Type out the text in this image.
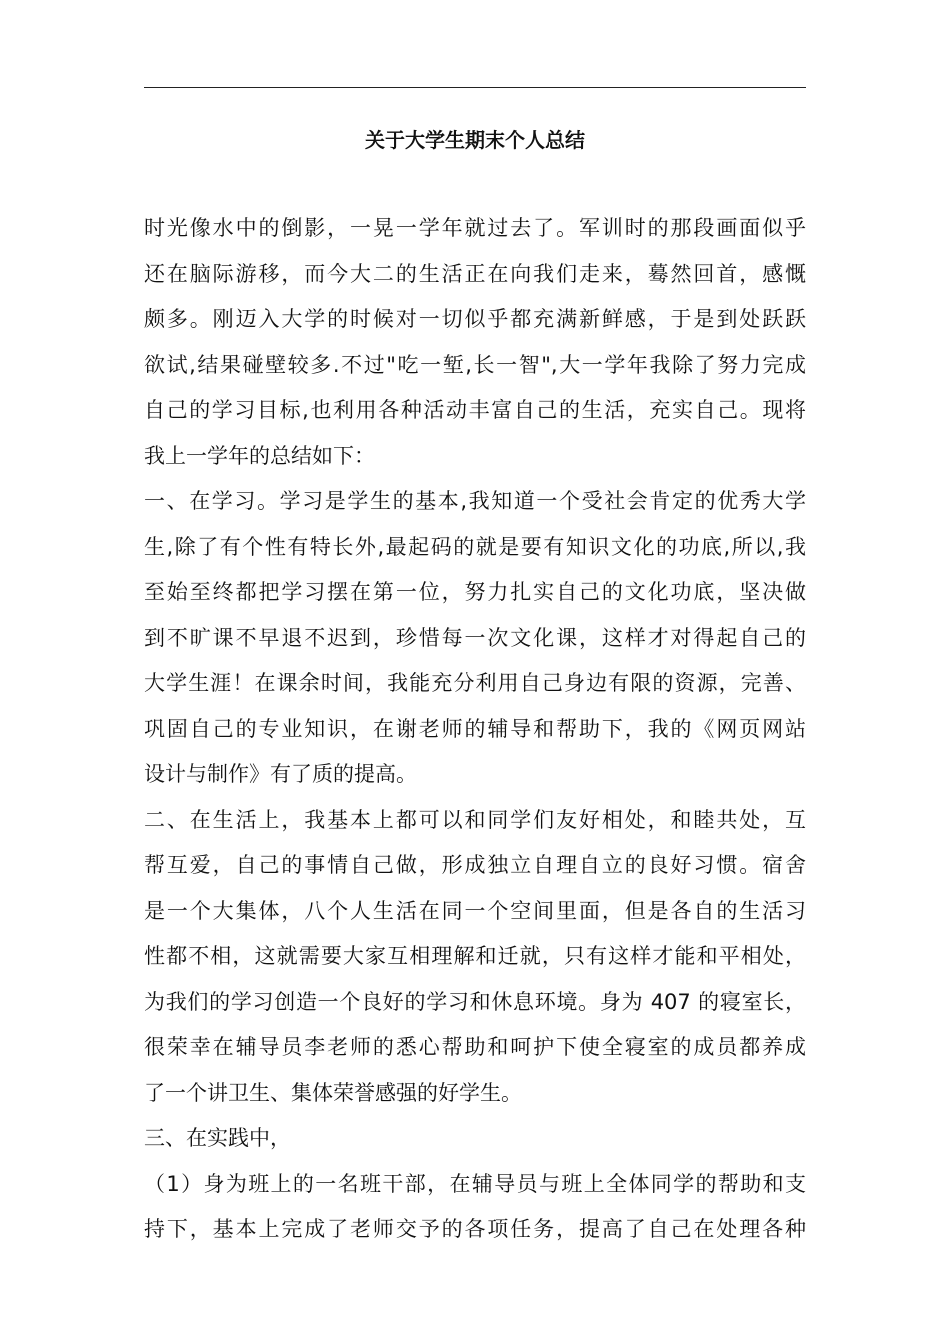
关于大学生期末个人总结
时光像水中的倒影，一晃一学年就过去了。军训时的那段画面似乎
还在脑际游移，而今大二的生活正在向我们走来，蓦然回首，感慨
颇多。刚迈入大学的时候对一切似乎都充满新鲜感，于是到处跃跃
欲试,结果碰壁较多.不过"吃一堑,长一智",大一学年我除了努力完成
自己的学习目标,也利用各种活动丰富自己的生活，充实自己。现将
我上一学年的总结如下：
一、在学习。学习是学生的基本,我知道一个受社会肯定的优秀大学
生,除了有个性有特长外,最起码的就是要有知识文化的功底,所以,我
至始至终都把学习摆在第一位，努力扎实自己的文化功底，坚决做
到不旷课不早退不迟到，珍惜每一次文化课，这样才对得起自己的
大学生涯！在课余时间，我能充分利用自己身边有限的资源，完善、
巩固自己的专业知识，在谢老师的辅导和帮助下，我的《网页网站
设计与制作》有了质的提高。
二、在生活上，我基本上都可以和同学们友好相处，和睦共处，互
帮互爱，自己的事情自己做，形成独立自理自立的良好习惯。宿舍
是一个大集体，八个人生活在同一个空间里面，但是各自的生活习
性都不相，这就需要大家互相理解和迁就，只有这样才能和平相处，
为我们的学习创造一个良好的学习和休息环境。身为 407 的寝室长，
很荣幸在辅导员李老师的悉心帮助和呵护下使全寝室的成员都养成
了一个讲卫生、集体荣誉感强的好学生。
三、在实践中，
（1）身为班上的一名班干部，在辅导员与班上全体同学的帮助和支
持下，基本上完成了老师交予的各项任务，提高了自己在处理各种
